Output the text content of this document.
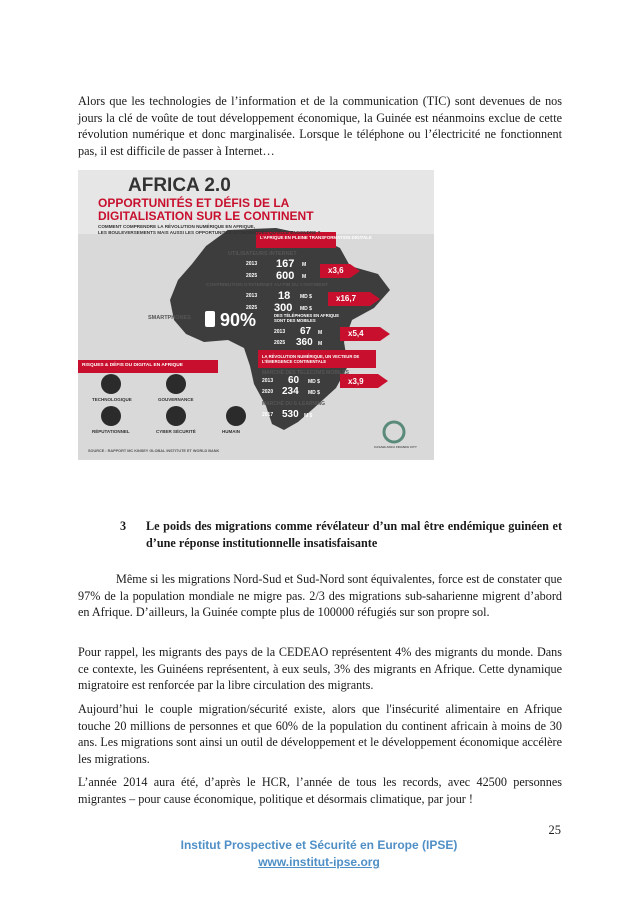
Alors que les technologies de l’information et de la communication (TIC) sont devenues de nos jours la clé de voûte de tout développement économique, la Guinée est néanmoins exclue de cette révolution numérique et donc marginalisée. Lorsque le téléphone ou l’électricité ne fonctionnent pas, il est difficile de passer à Internet…

AFRICA 2.0
OPPORTUNITÉS ET DÉFIS DE LA
DIGITALISATION SUR LE CONTINENT
COMMENT COMPRENDRE LA RÉVOLUTION NUMÉRIQUE EN AFRIQUE,
LES BOULEVERSEMENTS MAIS AUSSI LES OPPORTUNITÉS ÉCONOMIQUES QU’ELLE ENGENDRE ?
L’AFRIQUE EN PLEINE TRANSFORMATION DIGITALE
UTILISATEURS INTERNET
2013 167 M
2025 600 M
x3,6
CONTRIBUTION D’INTERNET AU PIB DU CONTINENT
2013 18 MD $
2025 300 MD $
x16,7
SMARTPHONES 90%	DES TÉLÉPHONES EN AFRIQUE SONT DES MOBILES
2013 67 M
2025 360 M
x5,4
RISQUES & DÉFIS DU DIGITAL EN AFRIQUE
TECHNOLOGIQUE	GOUVERNANCE
RÉPUTATIONNEL	CYBER SÉCURITÉ	HUMAIN
LA RÉVOLUTION NUMÉRIQUE, UN VECTEUR DE L’ÉMERGENCE CONTINENTALE
MARCHÉ DES TELECOMS MOBILES
2013 60 MD $
2020 234 MD $
x3,9
MARCHÉ DU E-LEARNING
2017 530 M $
SOURCE : RAPPORT MC KINSEY GLOBAL INSTITUTE ET WORLD BANK
CASABLANCA FINANCE CITY
3 Le poids des migrations comme révélateur d’un mal être endémique guinéen et d’une réponse institutionnelle insatisfaisante

Même si les migrations Nord-Sud et Sud-Nord sont équivalentes, force est de constater que 97% de la population mondiale ne migre pas. 2/3 des migrations sub-saharienne migrent d’abord en Afrique. D’ailleurs, la Guinée compte plus de 100000 réfugiés sur son propre sol.

Pour rappel, les migrants des pays de la CEDEAO représentent 4% des migrants du monde. Dans ce contexte, les Guinéens représentent, à eux seuls, 3% des migrants en Afrique. Cette dynamique migratoire est renforcée par la libre circulation des migrants.

Aujourd’hui le couple migration/sécurité existe, alors que l'insécurité alimentaire en Afrique touche 20 millions de personnes et que 60% de la population du continent africain à moins de 30 ans. Les migrations sont ainsi un outil de développement et le développement économique accélère les migrations.

L’année 2014 aura été, d’après le HCR, l’année de tous les records, avec 42500 personnes migrantes – pour cause économique, politique et désormais climatique, par jour !

25
Institut Prospective et Sécurité en Europe (IPSE)
www.institut-ipse.org
